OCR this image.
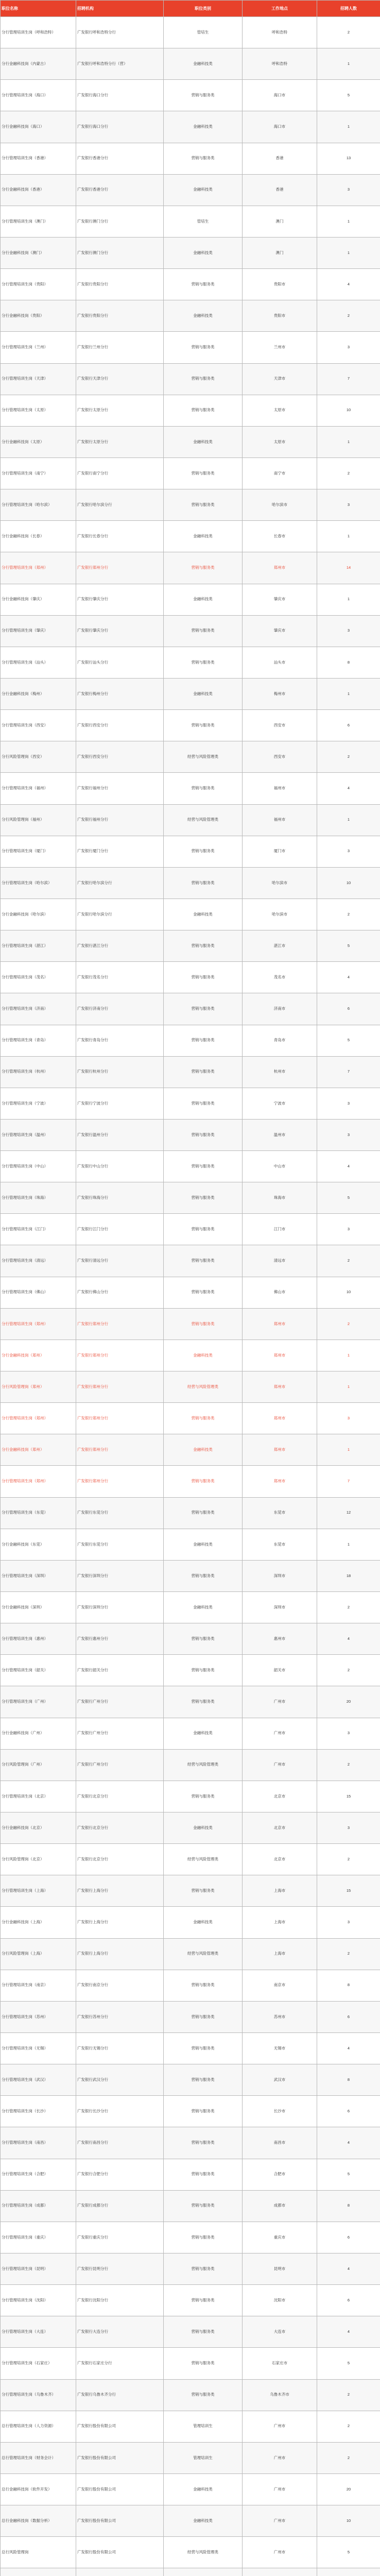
职位名称	招聘机构	职位类别	工作地点	招聘人数
分行管理培训生岗（呼和浩特）	广发银行呼和浩特分行	管培生	呼和浩特	2
分行金融科技岗（内蒙古）	广发银行呼和浩特分行（营）	金融科技类	呼和浩特	1
分行管理培训生岗（海口）	广发银行海口分行	营销与服务类	海口市	5
分行金融科技岗（海口）	广发银行海口分行	金融科技类	海口市	1
分行管理培训生岗（香港）	广发银行香港分行	营销与服务类	香港	13
分行金融科技岗（香港）	广发银行香港分行	金融科技类	香港	3
分行管理培训生岗（澳门）	广发银行澳门分行	管培生	澳门	1
分行金融科技岗（澳门）	广发银行澳门分行	金融科技类	澳门	1
分行管理培训生岗（贵阳）	广发银行贵阳分行	营销与服务类	贵阳市	4
分行金融科技岗（贵阳）	广发银行贵阳分行	金融科技类	贵阳市	2
分行管理培训生岗（兰州）	广发银行兰州分行	营销与服务类	兰州市	3
分行管理培训生岗（天津）	广发银行天津分行	营销与服务类	天津市	7
分行管理培训生岗（太原）	广发银行太原分行	营销与服务类	太原市	10
分行金融科技岗（太原）	广发银行太原分行	金融科技类	太原市	1
分行管理培训生岗（南宁）	广发银行南宁分行	营销与服务类	南宁市	2
分行管理培训生岗（哈尔滨）	广发银行哈尔滨分行	营销与服务类	哈尔滨市	3
分行金融科技岗（长春）	广发银行长春分行	金融科技类	长春市	1
分行管理培训生岗（郑州）	广发银行郑州分行	营销与服务类	郑州市	14
分行金融科技岗（肇庆）	广发银行肇庆分行	金融科技类	肇庆市	1
分行管理培训生岗（肇庆）	广发银行肇庆分行	营销与服务类	肇庆市	3
分行管理培训生岗（汕头）	广发银行汕头分行	营销与服务类	汕头市	8
分行金融科技岗（梅州）	广发银行梅州分行	金融科技类	梅州市	1
分行管理培训生岗（西安）	广发银行西安分行	营销与服务类	西安市	6
分行风险管理岗（西安）	广发银行西安分行	经营与风险管理类	西安市	2
分行管理培训生岗（福州）	广发银行福州分行	营销与服务类	福州市	4
分行风险管理岗（福州）	广发银行福州分行	经营与风险管理类	福州市	1
分行管理培训生岗（厦门）	广发银行厦门分行	营销与服务类	厦门市	3
分行管理培训生岗（哈尔滨）	广发银行哈尔滨分行	营销与服务类	哈尔滨市	10
分行金融科技岗（哈尔滨）	广发银行哈尔滨分行	金融科技类	哈尔滨市	2
分行管理培训生岗（湛江）	广发银行湛江分行	营销与服务类	湛江市	5
分行管理培训生岗（茂名）	广发银行茂名分行	营销与服务类	茂名市	4
分行管理培训生岗（济南）	广发银行济南分行	营销与服务类	济南市	6
分行管理培训生岗（青岛）	广发银行青岛分行	营销与服务类	青岛市	5
分行管理培训生岗（杭州）	广发银行杭州分行	营销与服务类	杭州市	7
分行管理培训生岗（宁波）	广发银行宁波分行	营销与服务类	宁波市	3
分行管理培训生岗（温州）	广发银行温州分行	营销与服务类	温州市	3
分行管理培训生岗（中山）	广发银行中山分行	营销与服务类	中山市	4
分行管理培训生岗（珠海）	广发银行珠海分行	营销与服务类	珠海市	5
分行管理培训生岗（江门）	广发银行江门分行	营销与服务类	江门市	3
分行管理培训生岗（清远）	广发银行清远分行	营销与服务类	清远市	2
分行管理培训生岗（佛山）	广发银行佛山分行	营销与服务类	佛山市	10
分行管理培训生岗（郑州）	广发银行郑州分行	营销与服务类	郑州市	2
分行金融科技岗（郑州）	广发银行郑州分行	金融科技类	郑州市	1
分行风险管理岗（郑州）	广发银行郑州分行	经营与风险管理类	郑州市	1
分行管理培训生岗（郑州）	广发银行郑州分行	营销与服务类	郑州市	3
分行金融科技岗（郑州）	广发银行郑州分行	金融科技类	郑州市	1
分行管理培训生岗（郑州）	广发银行郑州分行	营销与服务类	郑州市	7
分行管理培训生岗（东莞）	广发银行东莞分行	营销与服务类	东莞市	12
分行金融科技岗（东莞）	广发银行东莞分行	金融科技类	东莞市	1
分行管理培训生岗（深圳）	广发银行深圳分行	营销与服务类	深圳市	18
分行金融科技岗（深圳）	广发银行深圳分行	金融科技类	深圳市	2
分行管理培训生岗（惠州）	广发银行惠州分行	营销与服务类	惠州市	4
分行管理培训生岗（韶关）	广发银行韶关分行	营销与服务类	韶关市	2
分行管理培训生岗（广州）	广发银行广州分行	营销与服务类	广州市	20
分行金融科技岗（广州）	广发银行广州分行	金融科技类	广州市	3
分行风险管理岗（广州）	广发银行广州分行	经营与风险管理类	广州市	2
分行管理培训生岗（北京）	广发银行北京分行	营销与服务类	北京市	15
分行金融科技岗（北京）	广发银行北京分行	金融科技类	北京市	3
分行风险管理岗（北京）	广发银行北京分行	经营与风险管理类	北京市	2
分行管理培训生岗（上海）	广发银行上海分行	营销与服务类	上海市	15
分行金融科技岗（上海）	广发银行上海分行	金融科技类	上海市	3
分行风险管理岗（上海）	广发银行上海分行	经营与风险管理类	上海市	2
分行管理培训生岗（南京）	广发银行南京分行	营销与服务类	南京市	8
分行管理培训生岗（苏州）	广发银行苏州分行	营销与服务类	苏州市	6
分行管理培训生岗（无锡）	广发银行无锡分行	营销与服务类	无锡市	4
分行管理培训生岗（武汉）	广发银行武汉分行	营销与服务类	武汉市	8
分行管理培训生岗（长沙）	广发银行长沙分行	营销与服务类	长沙市	6
分行管理培训生岗（南昌）	广发银行南昌分行	营销与服务类	南昌市	4
分行管理培训生岗（合肥）	广发银行合肥分行	营销与服务类	合肥市	5
分行管理培训生岗（成都）	广发银行成都分行	营销与服务类	成都市	8
分行管理培训生岗（重庆）	广发银行重庆分行	营销与服务类	重庆市	6
分行管理培训生岗（昆明）	广发银行昆明分行	营销与服务类	昆明市	4
分行管理培训生岗（沈阳）	广发银行沈阳分行	营销与服务类	沈阳市	6
分行管理培训生岗（大连）	广发银行大连分行	营销与服务类	大连市	4
分行管理培训生岗（石家庄）	广发银行石家庄分行	营销与服务类	石家庄市	5
分行管理培训生岗（乌鲁木齐）	广发银行乌鲁木齐分行	营销与服务类	乌鲁木齐市	2
总行管理培训生岗（人力资源）	广发银行股份有限公司	管理培训生	广州市	2
总行管理培训生岗（财务会计）	广发银行股份有限公司	管理培训生	广州市	2
总行金融科技岗（软件开发）	广发银行股份有限公司	金融科技类	广州市	20
总行金融科技岗（数据分析）	广发银行股份有限公司	金融科技类	广州市	10
总行风险管理岗	广发银行股份有限公司	经营与风险管理类	广州市	5
